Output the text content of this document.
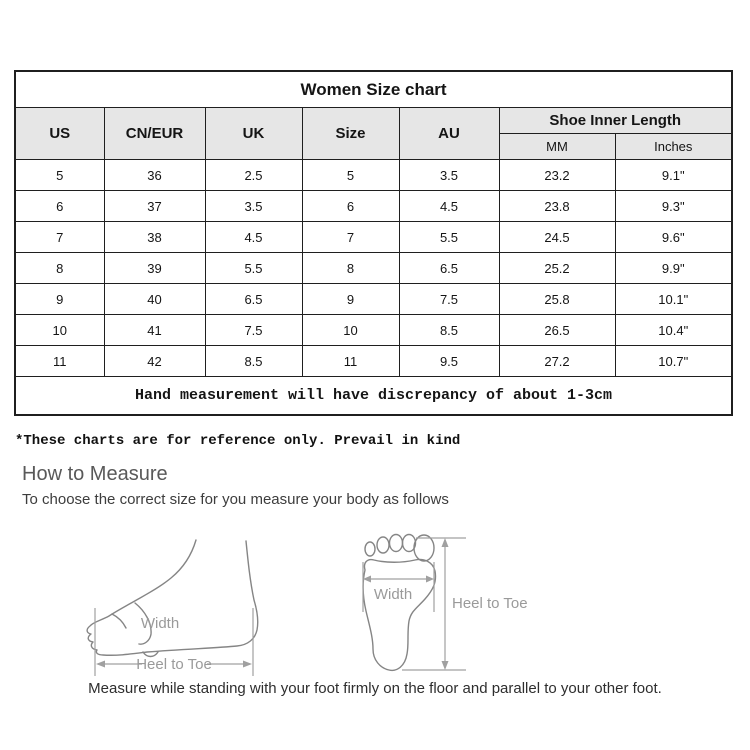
Women Size chart						
US	CN/EUR	UK	Size	AU	Shoe Inner Length	
					MM	Inches
5	36	2.5	5	3.5	23.2	9.1"
6	37	3.5	6	4.5	23.8	9.3"
7	38	4.5	7	5.5	24.5	9.6"
8	39	5.5	8	6.5	25.2	9.9"
9	40	6.5	9	7.5	25.8	10.1"
10	41	7.5	10	8.5	26.5	10.4"
11	42	8.5	11	9.5	27.2	10.7"
Hand measurement will have discrepancy of about 1-3cm						
*These charts are for reference only. Prevail in kind
How to Measure
To choose the correct size for you measure your body as follows
Width
Heel to Toe
Width
Heel to Toe
Measure while standing with your foot firmly on the floor and parallel to your other foot.
